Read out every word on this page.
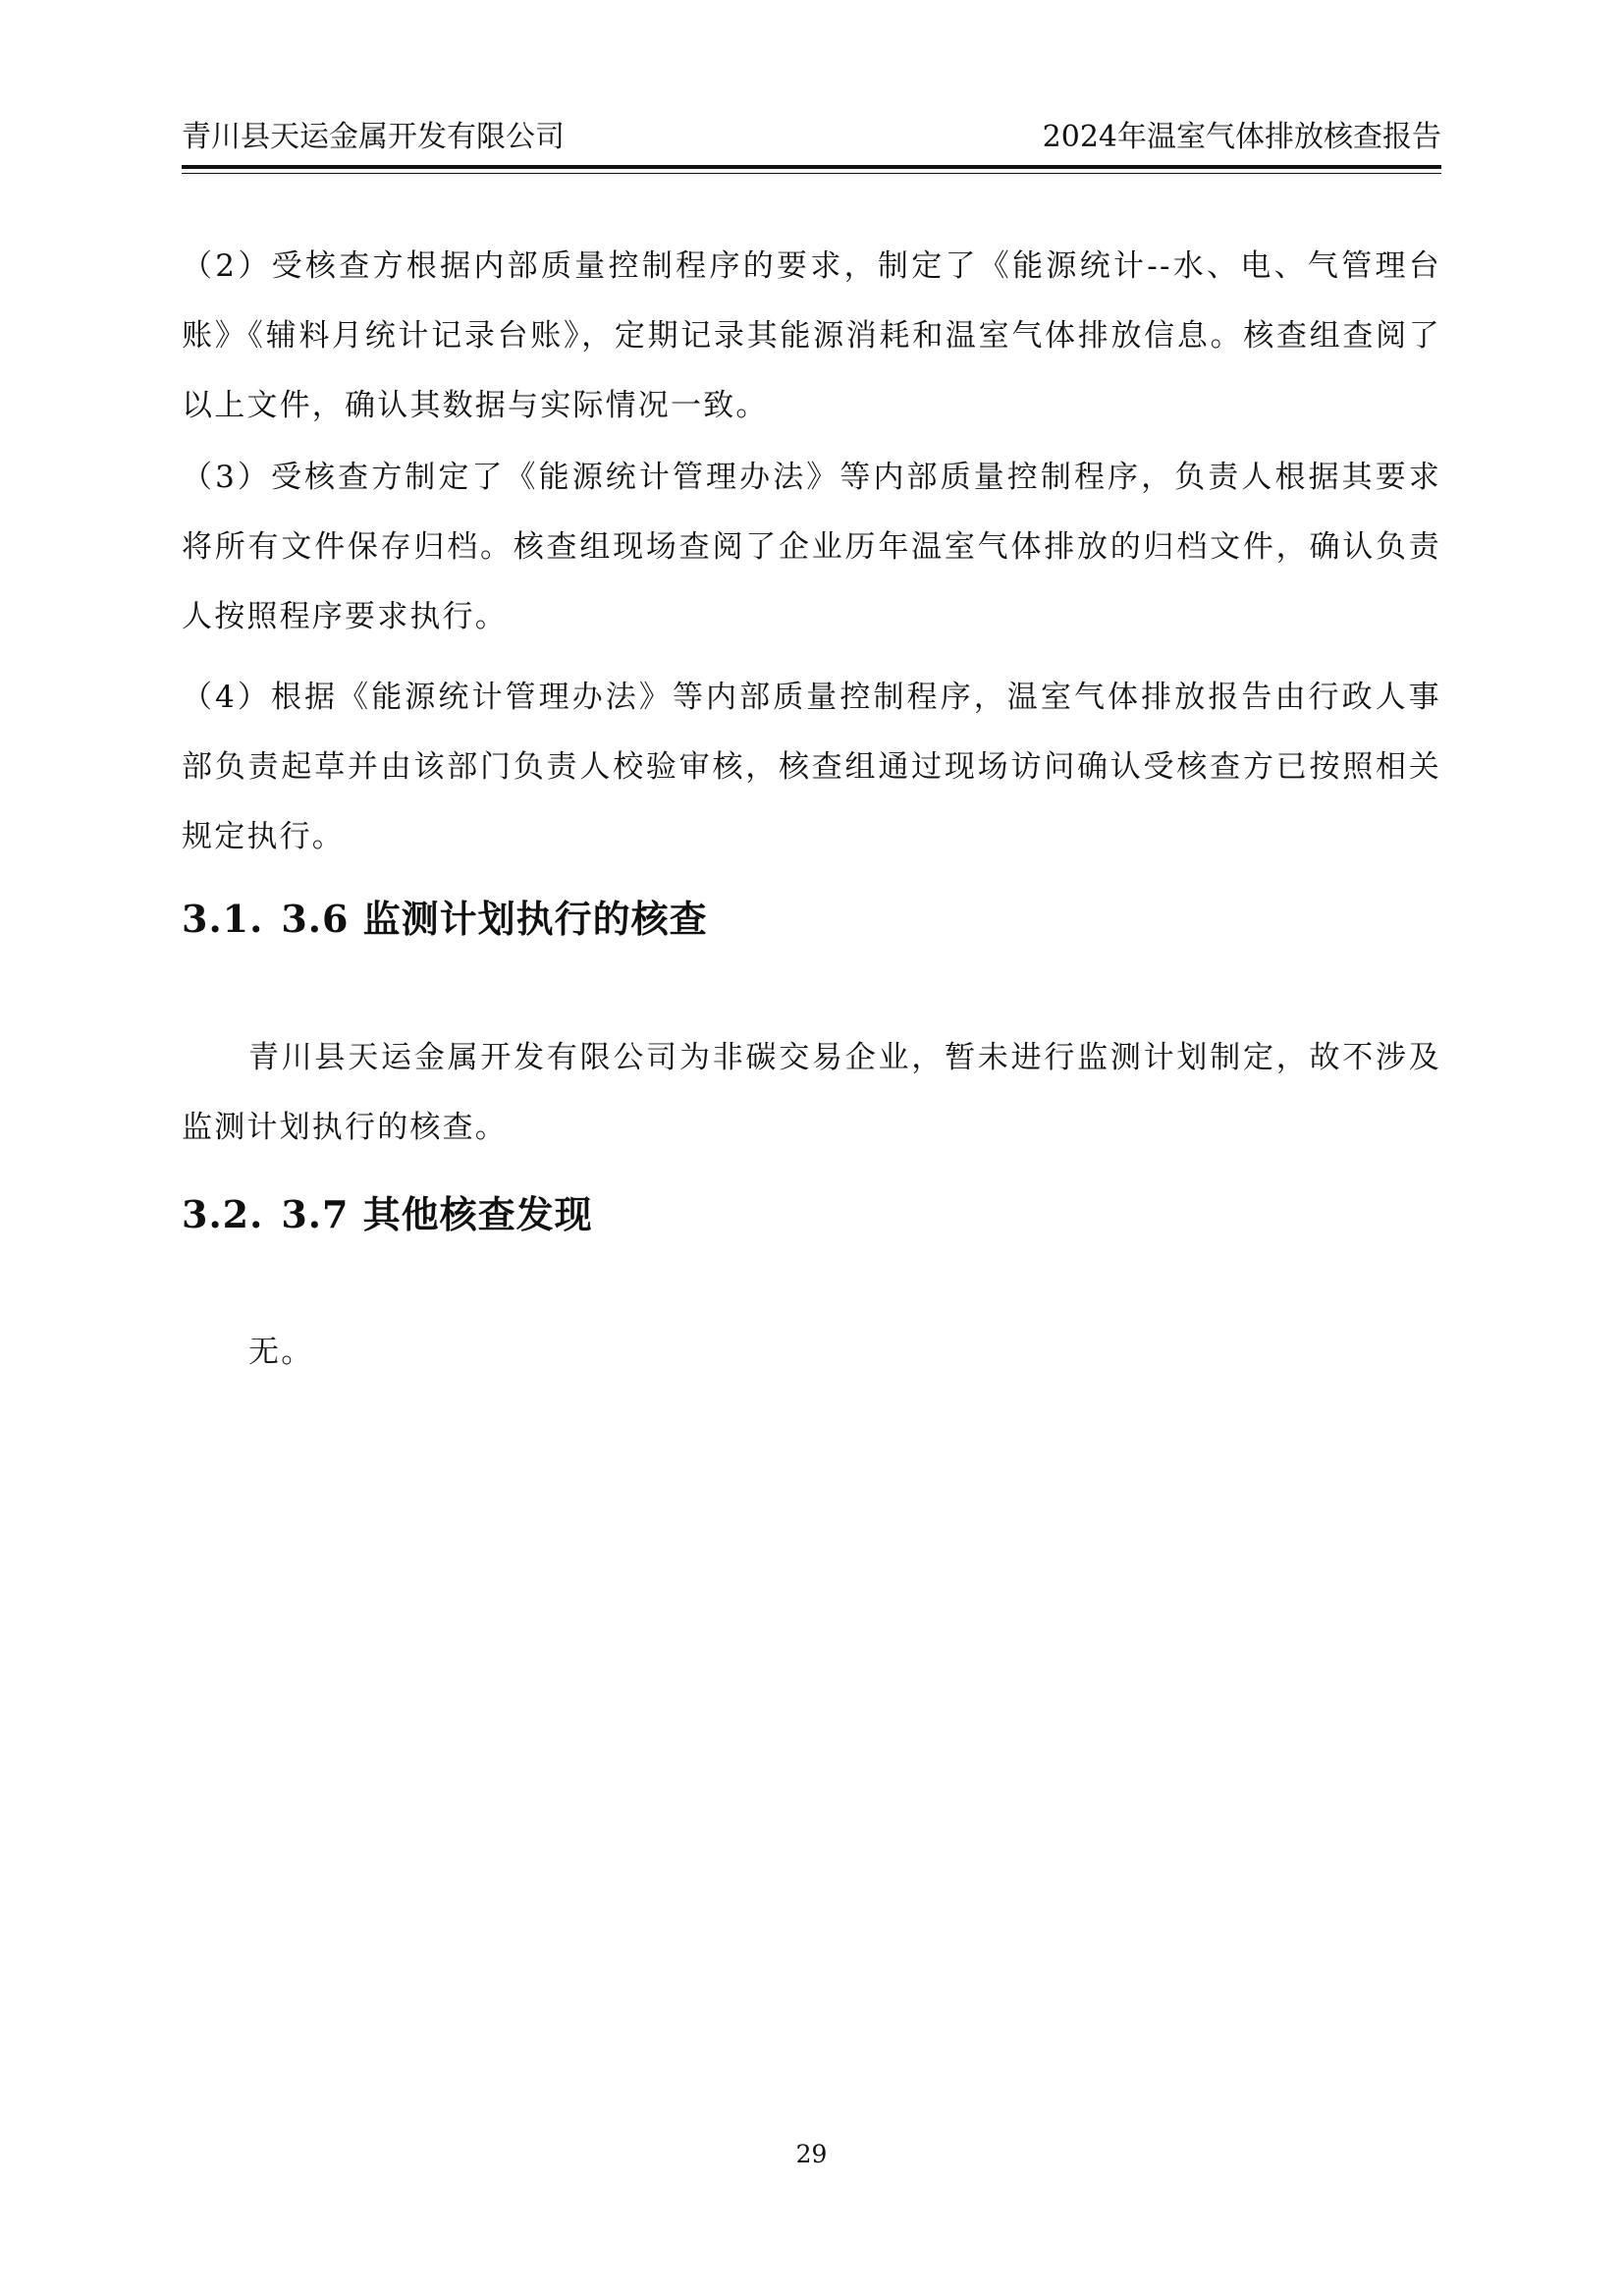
青川县天运金属开发有限公司	2024年温室气体排放核查报告

（2）受核查方根据内部质量控制程序的要求，制定了《能源统计--水、电、气管理台账》《辅料月统计记录台账》，定期记录其能源消耗和温室气体排放信息。核查组查阅了以上文件，确认其数据与实际情况一致。

（3）受核查方制定了《能源统计管理办法》等内部质量控制程序，负责人根据其要求将所有文件保存归档。核查组现场查阅了企业历年温室气体排放的归档文件，确认负责人按照程序要求执行。

（4）根据《能源统计管理办法》等内部质量控制程序，温室气体排放报告由行政人事部负责起草并由该部门负责人校验审核，核查组通过现场访问确认受核查方已按照相关规定执行。

3.1. 3.6 监测计划执行的核查

青川县天运金属开发有限公司为非碳交易企业，暂未进行监测计划制定，故不涉及监测计划执行的核查。

3.2. 3.7 其他核查发现

无。

29
